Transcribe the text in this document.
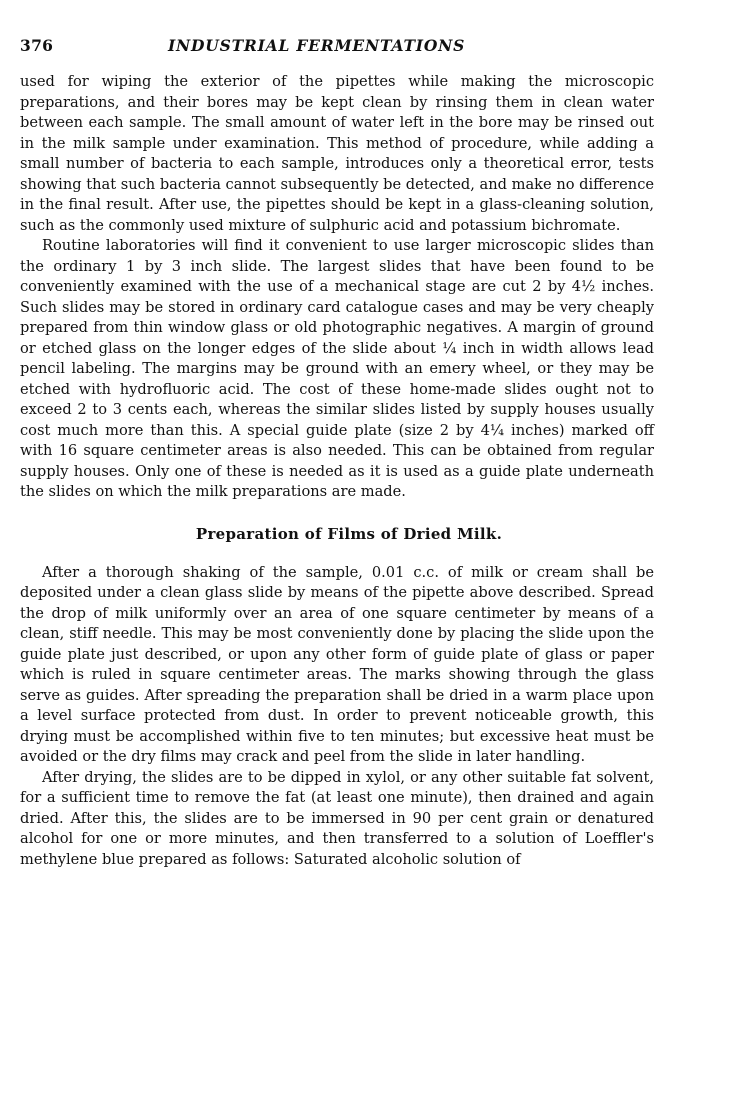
376	INDUSTRIAL FERMENTATIONS

used for wiping the exterior of the pipettes while making the microscopic preparations, and their bores may be kept clean by rinsing them in clean water between each sample. The small amount of water left in the bore may be rinsed out in the milk sample under examination. This method of procedure, while adding a small number of bacteria to each sample, introduces only a theoretical error, tests showing that such bacteria cannot subsequently be detected, and make no difference in the final result. After use, the pipettes should be kept in a glass-cleaning solution, such as the commonly used mixture of sulphuric acid and potassium bichromate.

Routine laboratories will find it convenient to use larger microscopic slides than the ordinary 1 by 3 inch slide. The largest slides that have been found to be conveniently examined with the use of a mechanical stage are cut 2 by 4½ inches. Such slides may be stored in ordinary card catalogue cases and may be very cheaply prepared from thin window glass or old photographic negatives. A margin of ground or etched glass on the longer edges of the slide about ¼ inch in width allows lead pencil labeling. The margins may be ground with an emery wheel, or they may be etched with hydrofluoric acid. The cost of these home-made slides ought not to exceed 2 to 3 cents each, whereas the similar slides listed by supply houses usually cost much more than this. A special guide plate (size 2 by 4¼ inches) marked off with 16 square centimeter areas is also needed. This can be obtained from regular supply houses. Only one of these is needed as it is used as a guide plate underneath the slides on which the milk preparations are made.

Preparation of Films of Dried Milk.

After a thorough shaking of the sample, 0.01 c.c. of milk or cream shall be deposited under a clean glass slide by means of the pipette above described. Spread the drop of milk uniformly over an area of one square centimeter by means of a clean, stiff needle. This may be most conveniently done by placing the slide upon the guide plate just described, or upon any other form of guide plate of glass or paper which is ruled in square centimeter areas. The marks showing through the glass serve as guides. After spreading the preparation shall be dried in a warm place upon a level surface protected from dust. In order to prevent noticeable growth, this drying must be accomplished within five to ten minutes; but excessive heat must be avoided or the dry films may crack and peel from the slide in later handling.

After drying, the slides are to be dipped in xylol, or any other suitable fat solvent, for a sufficient time to remove the fat (at least one minute), then drained and again dried. After this, the slides are to be immersed in 90 per cent grain or denatured alcohol for one or more minutes, and then transferred to a solution of Loeffler's methylene blue prepared as follows: Saturated alcoholic solution of
